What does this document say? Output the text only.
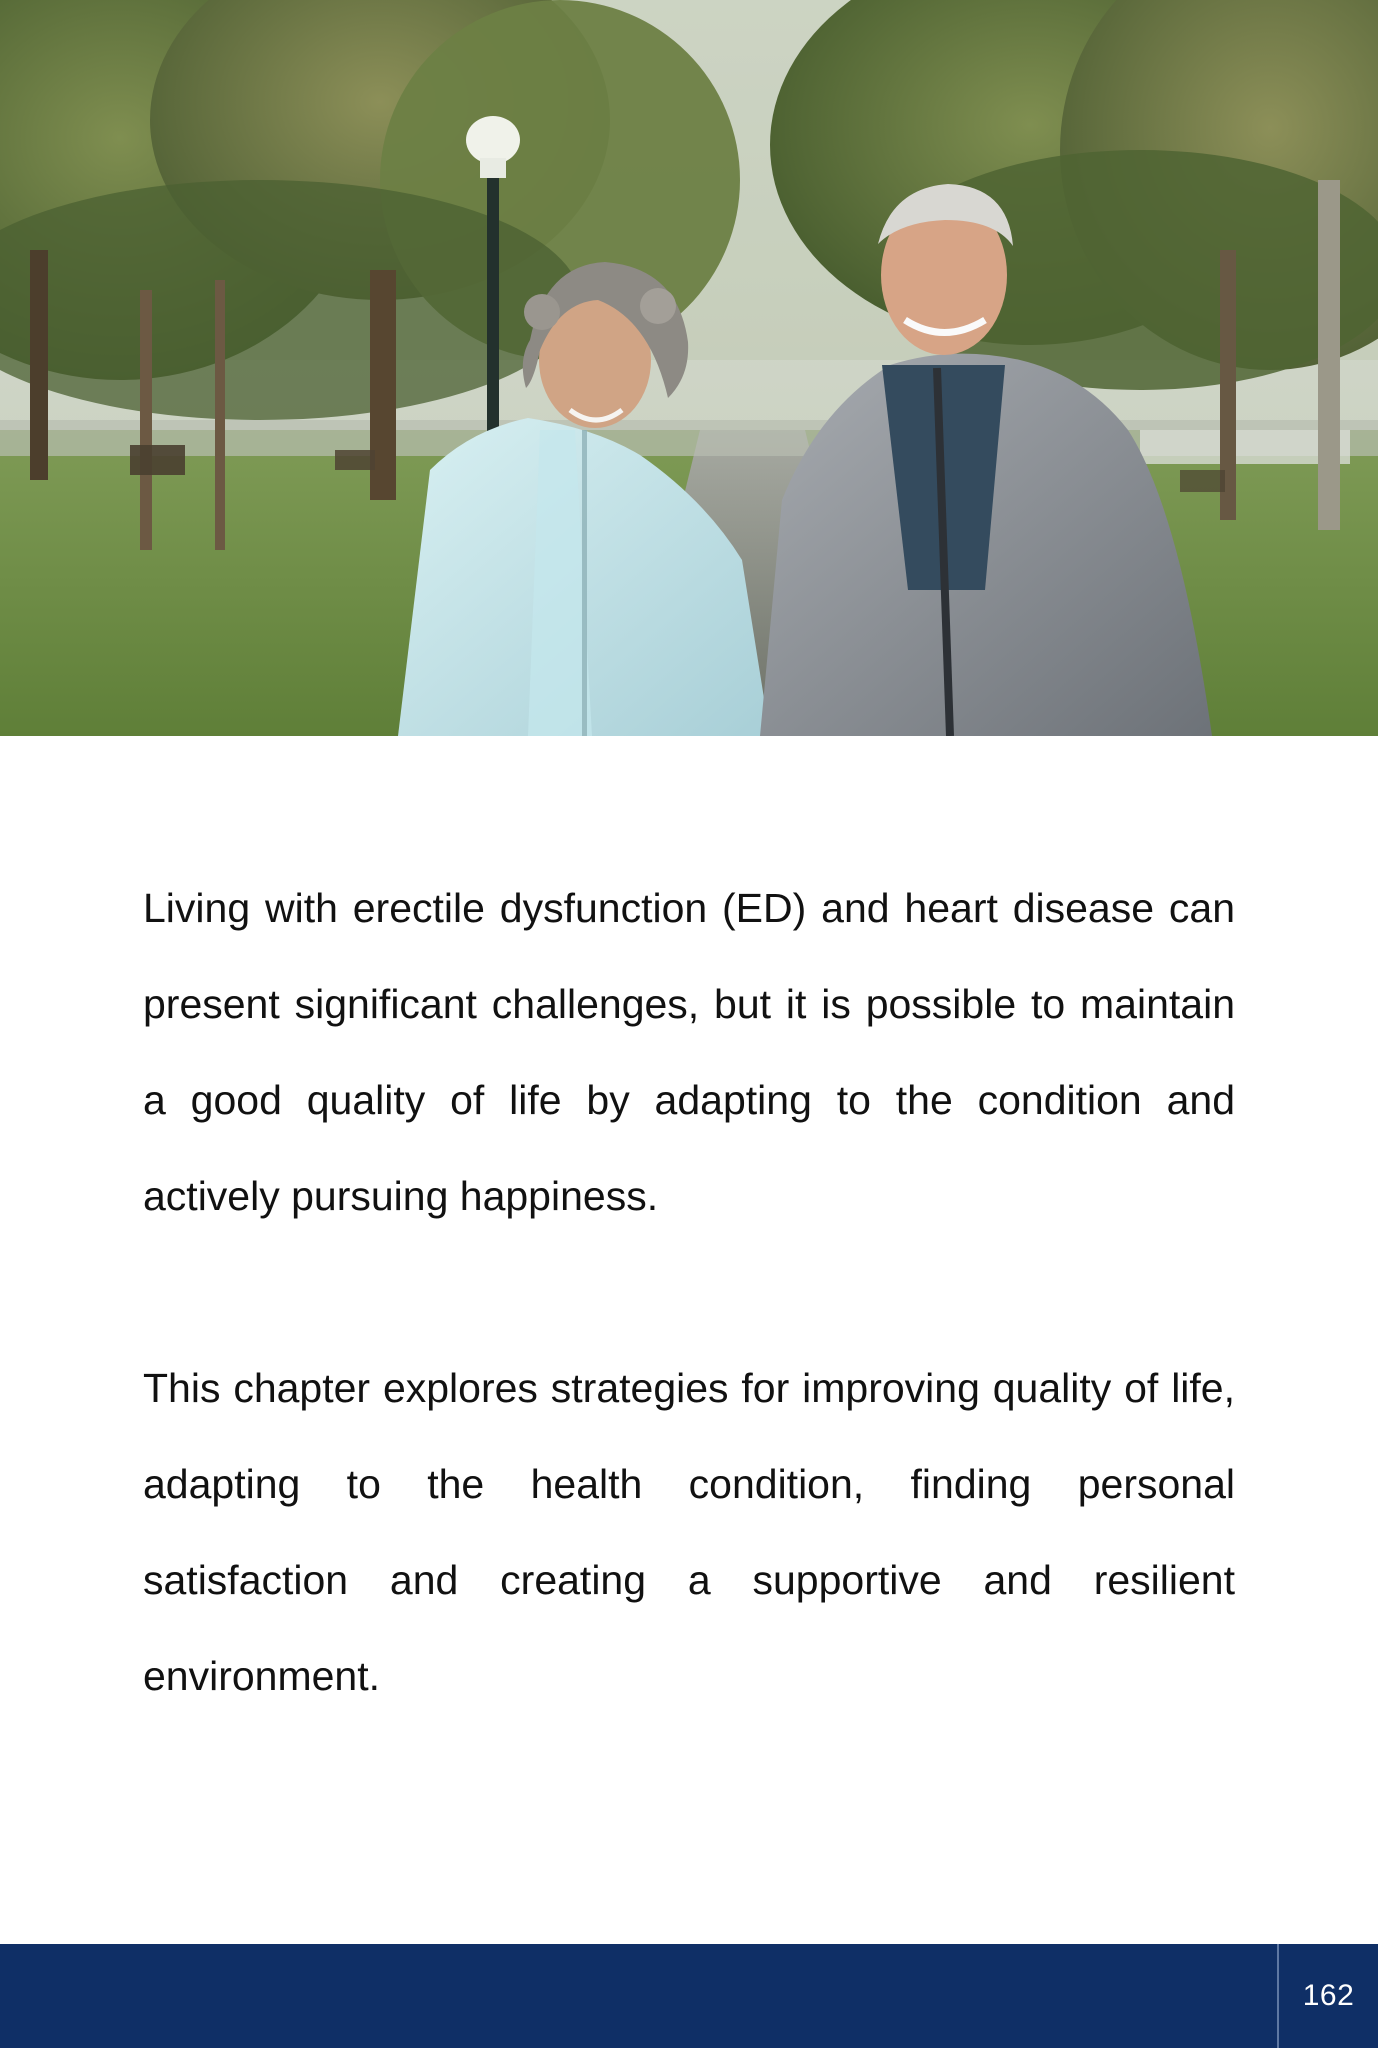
Living with erectile dysfunction (ED) and heart disease can present significant challenges, but it is possible to maintain a good quality of life by adapting to the condition and actively pursuing happiness.

This chapter explores strategies for improving quality of life, adapting to the health condition, finding personal satisfaction and creating a supportive and resilient environment.

162
